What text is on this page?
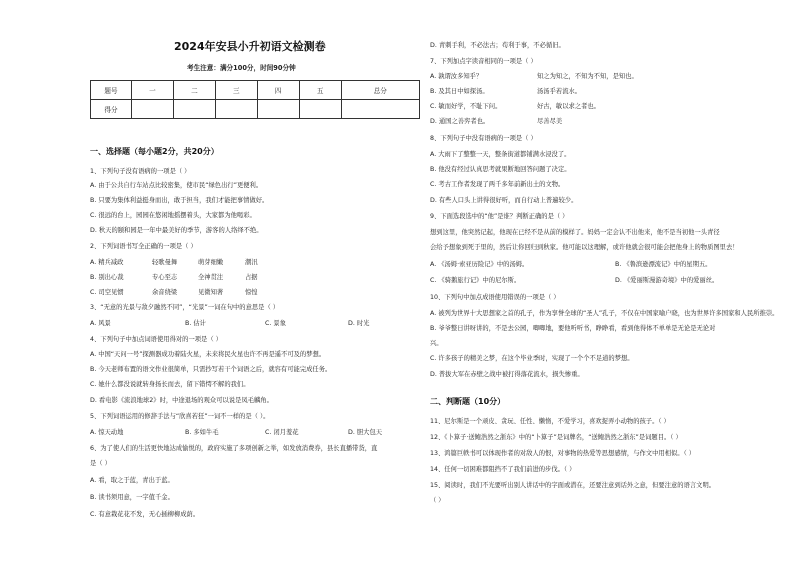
2024年安县小升初语文检测卷
考生注意：满分100分，时间90分钟
题号	一	二	三	四	五	总分
得分						
一、选择题（每小题2分，共20分）
1、下列句子没有语病的一项是（ ）
A. 由于公共自行车站点比较密集，使市民“绿色出行”更便利。
B. 只要为集体利益挺身而出，敢于担当，我们才能把事情做好。
C. 很远的台上，园园在悠闲地摇摆着头，大家都为他喝彩。
D. 秋天的颐和园是一年中最美好的季节，游客的人络绎不绝。
2、下列词语书写全正确的一项是（ ）
A. 精兵减政	轻歌曼舞	萌芽细嫩	潮汛
B. 别出心裁	专心至志	全神贯注	占据
C. 司空见惯	余音绕梁	见微知著	惊惶
3、“无意的光景与敌夕融然不同”，“光景”一词在句中的意思是（ ）
A. 风景	B. 估计	C. 景象	D. 时光
4、下列句子中加点词语使用得对的一项是（ ）
A. 中国“天问一号”探测器成功着陆火星，未来将民火星也许不再是遥不可及的梦想。
B. 今天老师布置的语文作业很简单，只需抄写若干个词语之后，就容有可能完成任务。
C. 她什么都没说就转身扬长而去，留下错愕不解的我们。
D. 看电影《流浪地球2》时，中途退场的观众可以说是凤毛麟角。
5、下列词语运用的修辞手法与“欣喜若狂”一词不一样的是（ ）。
A. 惊天动地	B. 多如牛毛	C. 闭月羞花	D. 胆大包天
6、为了使人们的生活更快地达成愉悦的，政府实施了多项创新之举，如发放消费券，县长直播带货，直
是（ ）
A. 看，取之于蓝，青出于蓝。
B. 读书须用意，一字值千金。
C. 有意栽花花不发，无心插柳柳成荫。
D. 青刺手利，不必法古；苟利于事，不必循旧。
7、下列加点字读音相同的一项是（ ）
A. 孰谓汝多知乎？	知之为知之，不知为不知，是知也。
B. 及其日中如探汤。	汤汤乎若流水。
C. 敏而好学，不耻下问。	好古，敏以求之者也。
D. 通国之善弈者也。	尽善尽美
8、下列句子中没有语病的一项是（ ）
A. 大雨下了整整一天，整条街道都铺满水浸没了。
B. 他没有经过认真思考就果断地回答问题了决定。
C. 考古工作者发现了两千多年前新出土的文物。
D. 有些人口头上讲得很好听，而自行动上普遍较少。
9、下面选段选中的“他”是谁？判断正确的是（ ）
想到这里，他突然记起，他现在已经不是从前的模样了。妈妈一定会认不出他来，他不是当初他一头青径
会给予想象到死于里的，然后让你回归到秋家。他可能以这理解，或许他就会很可能会把他身上的物质图里去！
A. 《汤姆·索亚历险记》中的汤姆。	B. 《鲁滨逊漂流记》中的星期五。
C. 《骑鹅旅行记》中的尼尔斯。	D. 《爱丽斯漫游奇境》中的爱丽丝。
10、下列句中加点成语使用错误的一项是（ ）
A. 被列为世界十大思想家之首的孔子，作为享誉全球的“圣人”孔子，不仅在中国家喻户晓，也为世界许多国家和人民所推崇。
B. 爷爷整日讲呀讲的，不是去公园，唧唧地，要他听听书，睁睁看，看到他得体不单单是无论是无论对
兴。
C. 许多孩子的精美之梦，在这个毕业季时，实现了一个个不足道的梦想。
D. 普拔大军在赤壁之战中被打得落花流水，损失惨重。
二、判断题（10分）
11、尼尔斯是一个顽皮、贪玩、任性、懒惰，不爱学习，喜欢捉弄小动物的孩子。（ ）
12、《卜算子·送鲍浩然之浙东》中的“卜算子”是词牌名，“送鲍浩然之浙东”是词题目。（ ）
13、鸿篇巨帙书可以体现作者的对敌人的恨，对事物的热爱等思想感情，与作文中用相似。（ ）
14、任何一切困难都阻挡不了我们前进的步伐。（ ）
15、阅读时，我们不光要听出别人讲话中的字面或潜在，还要注意到话外之意，但要注意的语言文明。
（ ）
